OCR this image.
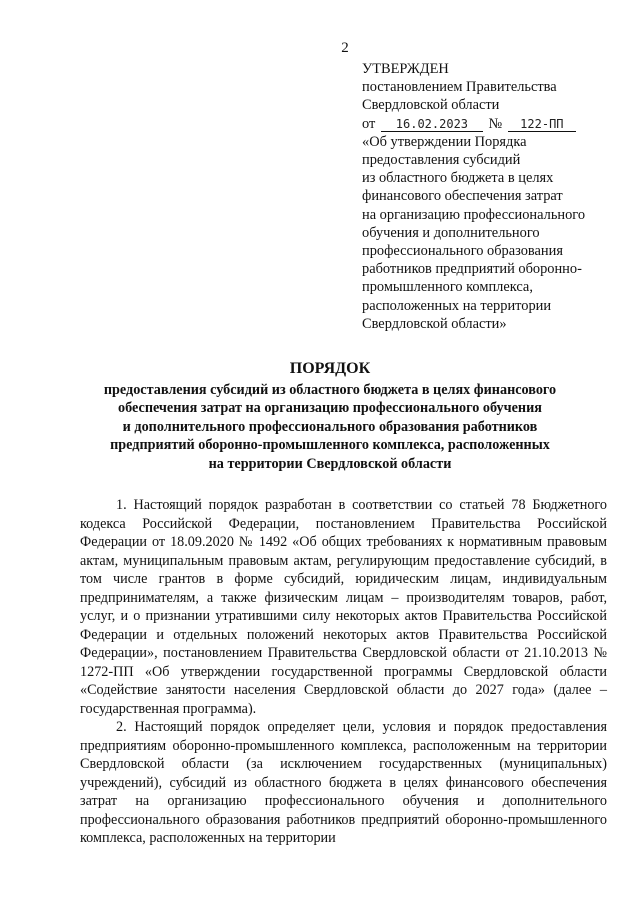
2
УТВЕРЖДЕН
постановлением Правительства
Свердловской области
от 16.02.2023 № 122-ПП
«Об утверждении Порядка
предоставления субсидий
из областного бюджета в целях
финансового обеспечения затрат
на организацию профессионального
обучения и дополнительного
профессионального образования
работников предприятий оборонно-
промышленного комплекса,
расположенных на территории
Свердловской области»
ПОРЯДОК
предоставления субсидий из областного бюджета в целях финансового
обеспечения затрат на организацию профессионального обучения
и дополнительного профессионального образования работников
предприятий оборонно-промышленного комплекса, расположенных
на территории Свердловской области

1. Настоящий порядок разработан в соответствии со статьей 78 Бюджетного кодекса Российской Федерации, постановлением Правительства Российской Федерации от 18.09.2020 № 1492 «Об общих требованиях к нормативным правовым актам, муниципальным правовым актам, регулирующим предоставление субсидий, в том числе грантов в форме субсидий, юридическим лицам, индивидуальным предпринимателям, а также физическим лицам – производителям товаров, работ, услуг, и о признании утратившими силу некоторых актов Правительства Российской Федерации и отдельных положений некоторых актов Правительства Российской Федерации», постановлением Правительства Свердловской области от 21.10.2013 № 1272-ПП «Об утверждении государственной программы Свердловской области «Содействие занятости населения Свердловской области до 2027 года» (далее – государственная программа).

2. Настоящий порядок определяет цели, условия и порядок предоставления предприятиям оборонно-промышленного комплекса, расположенным на территории Свердловской области (за исключением государственных (муниципальных) учреждений), субсидий из областного бюджета в целях финансового обеспечения затрат на организацию профессионального обучения и дополнительного профессионального образования работников предприятий оборонно-промышленного комплекса, расположенных на территории
